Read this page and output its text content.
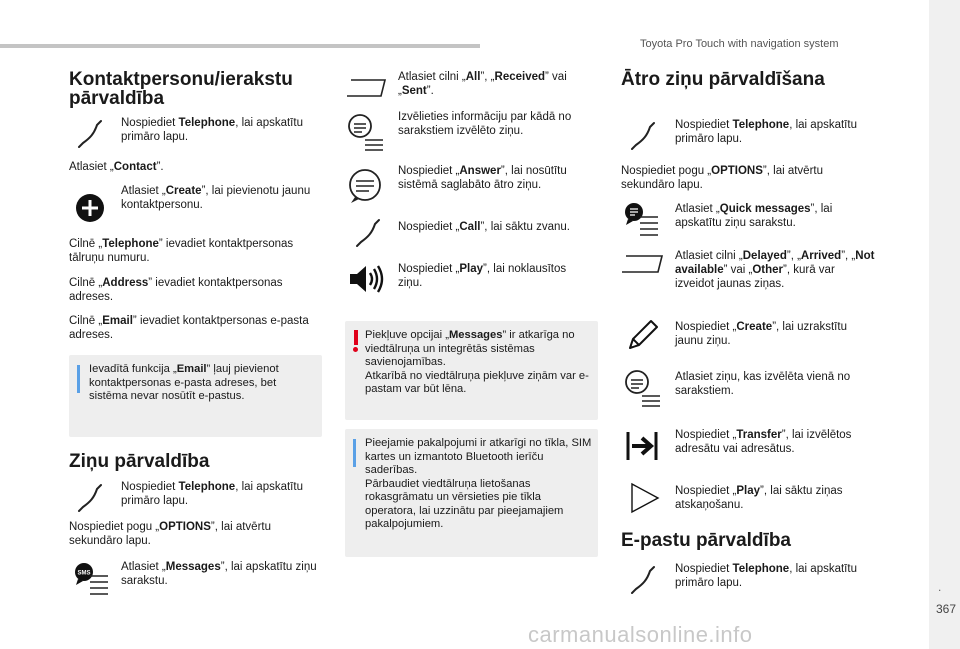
Toyota Pro Touch with navigation system
.
367
carmanualsonline.info
Kontaktpersonu/ierakstu pārvaldība
Nospiediet Telephone, lai apskatītu primāro lapu.
Atlasiet „Contact”.
Atlasiet „Create”, lai pievienotu jaunu kontaktpersonu.
Cilnē „Telephone” ievadiet kontaktpersonas tālruņu numuru.
Cilnē „Address” ievadiet kontaktpersonas adreses.
Cilnē „Email” ievadiet kontaktpersonas e-pasta adreses.
Ievadītā funkcija „Email” ļauj pievienot kontaktpersonas e-pasta adreses, bet sistēma nevar nosūtīt e-pastus.
Ziņu pārvaldība
Nospiediet Telephone, lai apskatītu primāro lapu.
Nospiediet pogu „OPTIONS”, lai atvērtu sekundāro lapu.
SMS
Atlasiet „Messages”, lai apskatītu ziņu sarakstu.
Atlasiet cilni „All”, „Received” vai „Sent”.
Izvēlieties informāciju par kādā no sarakstiem izvēlēto ziņu.
Nospiediet „Answer”, lai nosūtītu sistēmā saglabāto ātro ziņu.
Nospiediet „Call”, lai sāktu zvanu.
Nospiediet „Play”, lai noklausītos ziņu.
Piekļuve opcijai „Messages” ir atkarīga no viedtālruņa un integrētās sistēmas savienojamības.
Atkarībā no viedtālruņa piekļuve ziņām var e-pastam var būt lēna.
Pieejamie pakalpojumi ir atkarīgi no tīkla, SIM kartes un izmantoto Bluetooth ierīču saderības.
Pārbaudiet viedtālruņa lietošanas rokasgrāmatu un vērsieties pie tīkla operatora, lai uzzinātu par pieejamajiem pakalpojumiem.
Ātro ziņu pārvaldīšana
Nospiediet Telephone, lai apskatītu primāro lapu.
Nospiediet pogu „OPTIONS”, lai atvērtu sekundāro lapu.
Atlasiet „Quick messages”, lai apskatītu ziņu sarakstu.
Atlasiet cilni „Delayed”, „Arrived”, „Not available” vai „Other”, kurā var izveidot jaunas ziņas.
Nospiediet „Create”, lai uzrakstītu jaunu ziņu.
Atlasiet ziņu, kas izvēlēta vienā no sarakstiem.
Nospiediet „Transfer”, lai izvēlētos adresātu vai adresātus.
Nospiediet „Play”, lai sāktu ziņas atskaņošanu.
E-pastu pārvaldība
Nospiediet Telephone, lai apskatītu primāro lapu.
